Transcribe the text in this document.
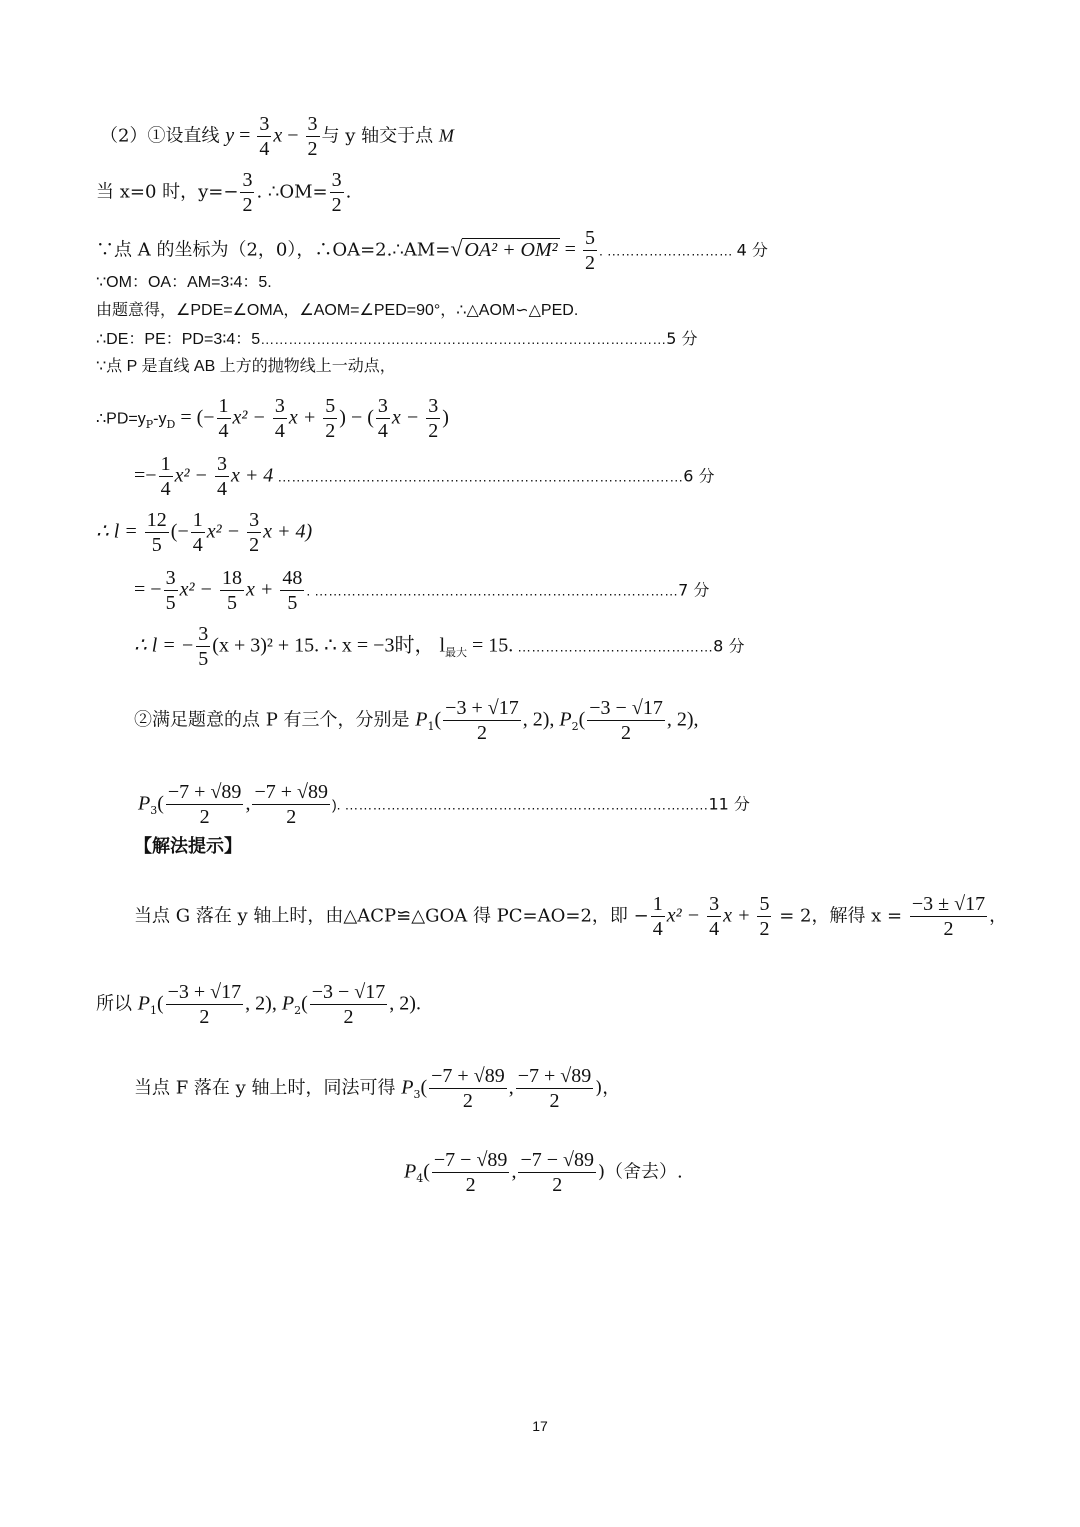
（2）①设直线 $y = \frac{3}{4}$ $x - \frac{3}{2}$ 与 y 轴交于点 M
当 x=0 时，$y=- \frac{3}{2}$ . ∴OM= $\frac{3}{2}$ .
∵点 A 的坐标为（2，0），∴OA=2.∴AM=√ $OA^2 + OM^2 = \frac{5}{2}$ . ……………………… 4 分
∵OM：OA：AM=3∶4：5.
由题意得，∠PDE=∠OMA，∠AOM=∠PED=90°，∴△AOM∽△PED.
∴DE：PE：PD=3∶4：5……………………………………………………………………………5 分
∵点 P 是直线 AB 上方的抛物线上一动点，
$\therefore PD=y_P-y_D$ = (− $\frac{1}{4} x^2 - \frac{3}{4}$ $x + \frac{5}{2}$ ) − ( $\frac{3}{4}$ $x - \frac{3}{2}$ )
=− $\frac{1}{4} x^2 - \frac{3}{4}$ x + 4 ……………………………………………………………………………6 分
∴ $l = \frac{12}{5}$ (− $\frac{1}{4} x^2 - \frac{3}{2}$ x + 4)
= − $\frac{3}{5} x^2 - \frac{18}{5}$ $x + \frac{48}{5}$ . ……………………………………………………………………7 分
∴ l = − $\frac{3}{5} (x + 3)^2 + 15$. ∴ x = −3时， $l_{最大} = 15$. ……………………………………8 分
②满足题意的点 P 有三个，分别是 $P_1( \frac{-3 + √17}{2}$ , 2), $P_2( \frac{-3 - √17}{2}$ , 2),
$P_3( \frac{-7 + √89}{2}$ , $\frac{-7 + √89}{2}$ ). ……………………………………………………………………11 分
【解法提示】
当点 G 落在 y 轴上时，由△ACP≌△GOA 得 PC=AO=2，即 − $\frac{1}{4} x^2 - \frac{3}{4}$ $x + \frac{5}{2} = 2$，解得 $x = \frac{-3 \pm √17}{2}$ ，
所以 $P_1( \frac{-3 + √17}{2}$ , 2), $P_2( \frac{-3 - √17}{2}$ , 2).
当点 F 落在 y 轴上时，同法可得 $P_3( \frac{-7 + √89}{2}$ , $\frac{-7 + √89}{2}$ )，
$P_4( \frac{-7 - √89}{2}$ , $\frac{-7 - √89}{2}$ )（舍去）.
17
